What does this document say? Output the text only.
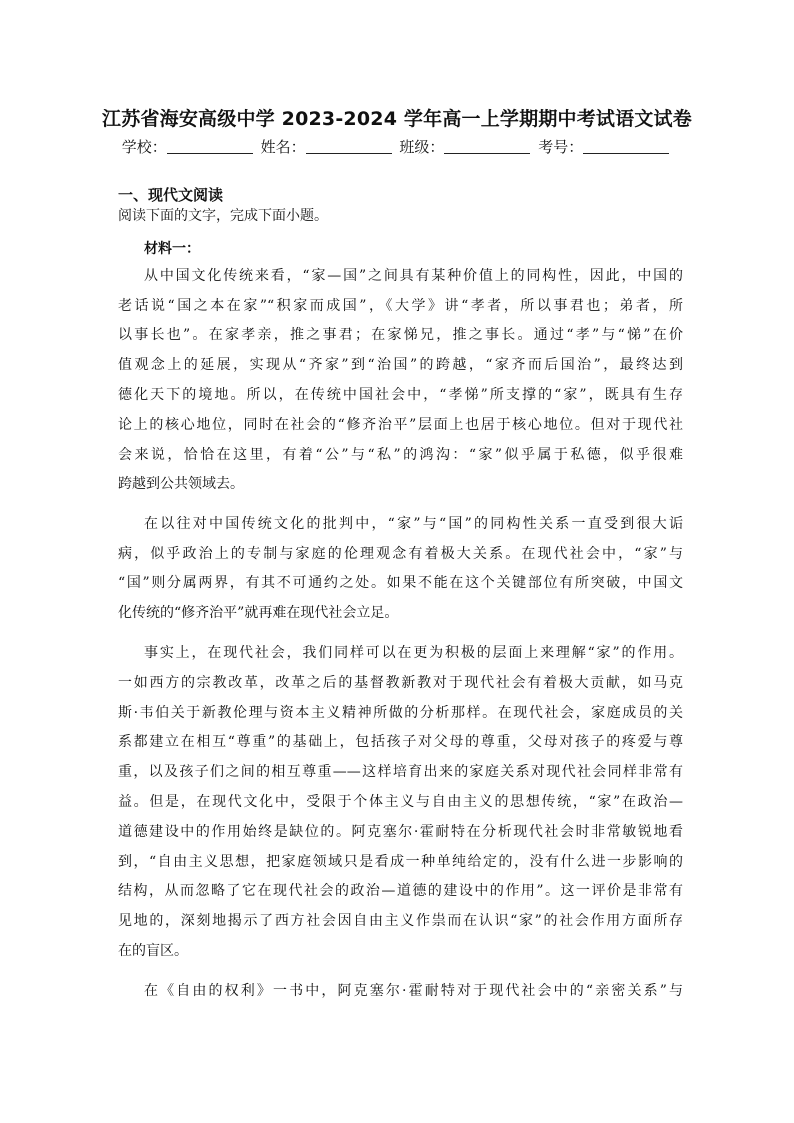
江苏省海安高级中学 2023-2024 学年高一上学期期中考试语文试卷
学校：	姓名：	班级：	考号：
一、现代文阅读
阅读下面的文字，完成下面小题。
材料一：
从中国文化传统来看，“家—国”之间具有某种价值上的同构性，因此，中国的
老话说“国之本在家”“积家而成国”，《大学》讲“孝者，所以事君也；弟者，所
以事长也”。在家孝亲，推之事君；在家悌兄，推之事长。通过“孝”与“悌”在价
值观念上的延展，实现从“齐家”到“治国”的跨越，“家齐而后国治”，最终达到
德化天下的境地。所以，在传统中国社会中，“孝悌”所支撑的“家”，既具有生存
论上的核心地位，同时在社会的“修齐治平”层面上也居于核心地位。但对于现代社
会来说，恰恰在这里，有着“公”与“私”的鸿沟：“家”似乎属于私德，似乎很难
跨越到公共领域去。
在以往对中国传统文化的批判中，“家”与“国”的同构性关系一直受到很大诟
病，似乎政治上的专制与家庭的伦理观念有着极大关系。在现代社会中，“家”与
“国”则分属两界，有其不可通约之处。如果不能在这个关键部位有所突破，中国文
化传统的“修齐治平”就再难在现代社会立足。
事实上，在现代社会，我们同样可以在更为积极的层面上来理解“家”的作用。
一如西方的宗教改革，改革之后的基督教新教对于现代社会有着极大贡献，如马克
斯·韦伯关于新教伦理与资本主义精神所做的分析那样。在现代社会，家庭成员的关
系都建立在相互“尊重”的基础上，包括孩子对父母的尊重，父母对孩子的疼爱与尊
重，以及孩子们之间的相互尊重——这样培育出来的家庭关系对现代社会同样非常有
益。但是，在现代文化中，受限于个体主义与自由主义的思想传统，“家”在政治—
道德建设中的作用始终是缺位的。阿克塞尔·霍耐特在分析现代社会时非常敏锐地看
到，“自由主义思想，把家庭领域只是看成一种单纯给定的，没有什么进一步影响的
结构，从而忽略了它在现代社会的政治—道德的建设中的作用”。这一评价是非常有
见地的，深刻地揭示了西方社会因自由主义作祟而在认识“家”的社会作用方面所存
在的盲区。
在《自由的权利》一书中，阿克塞尔·霍耐特对于现代社会中的“亲密关系”与
